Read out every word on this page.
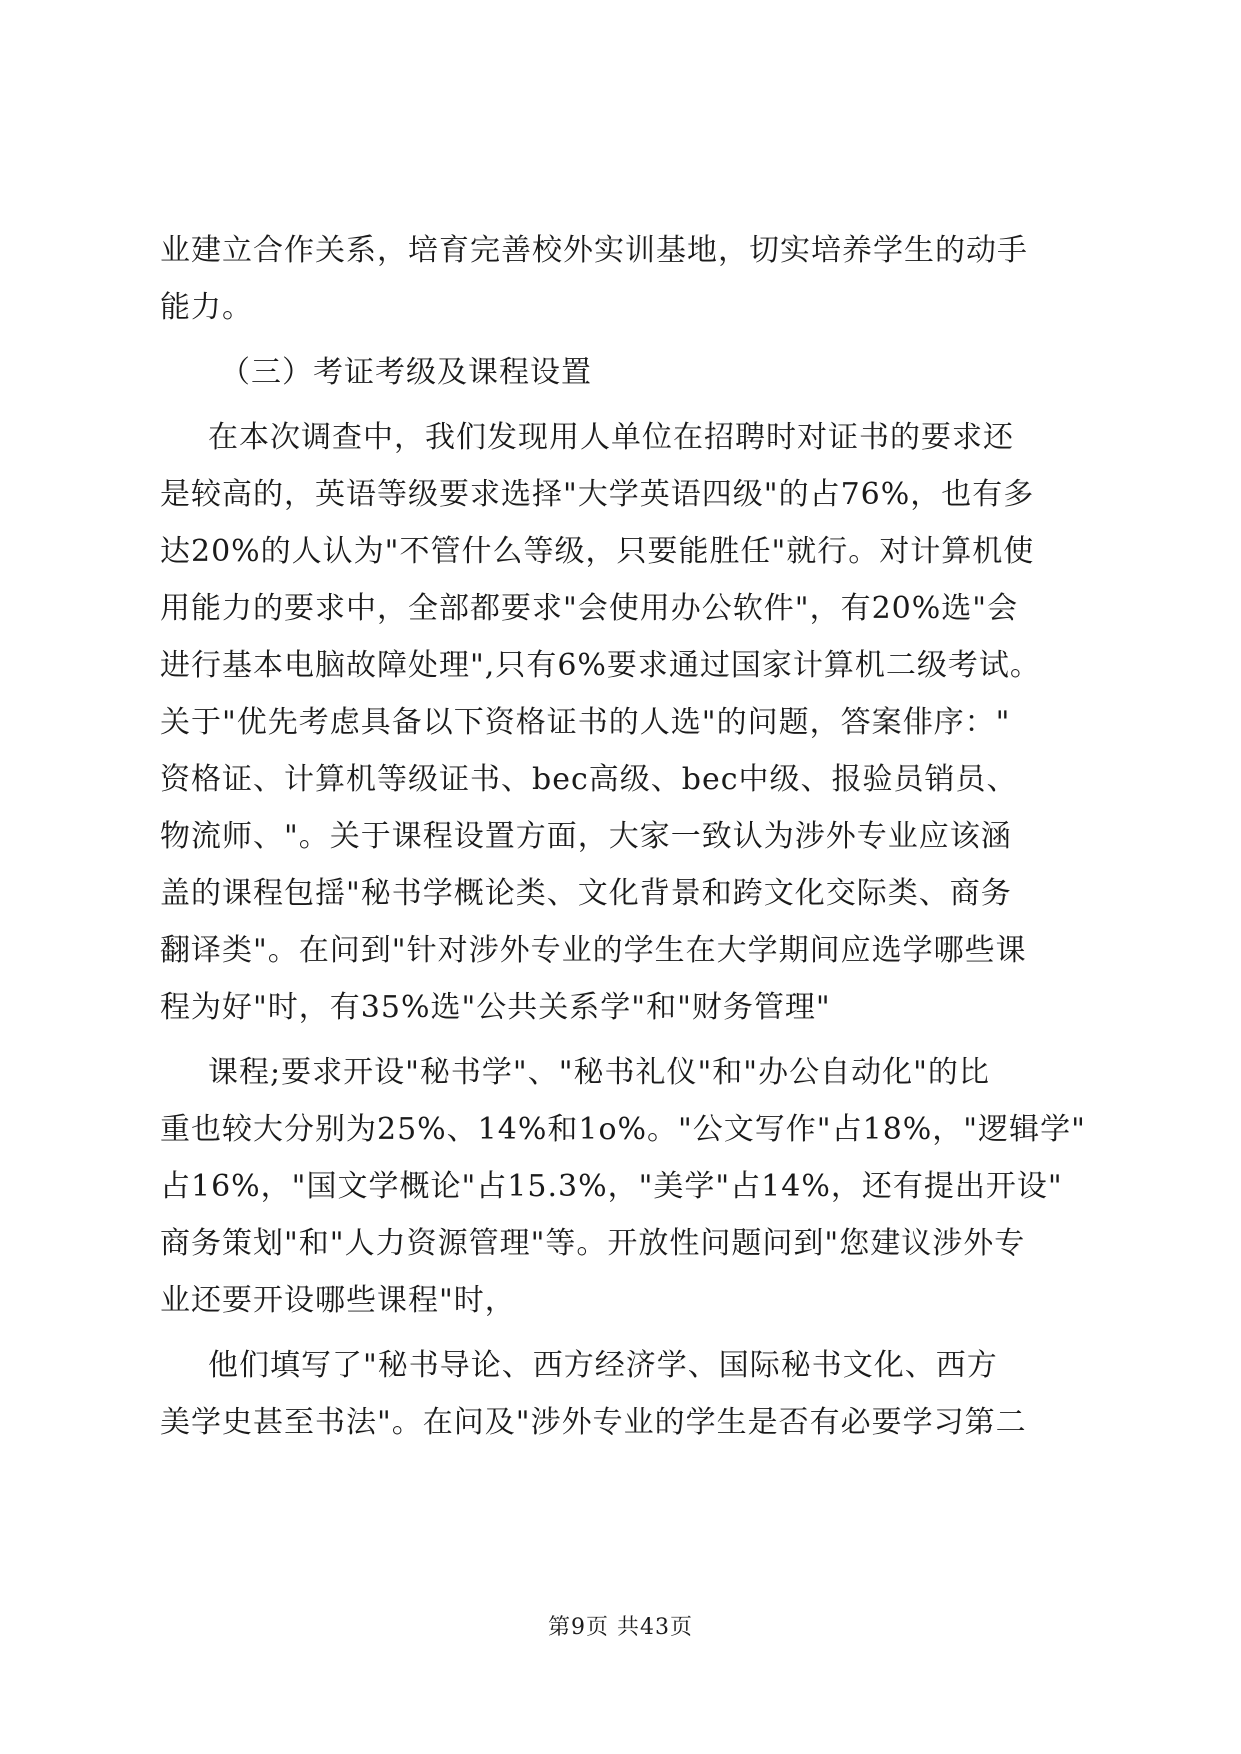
业建立合作关系，培育完善校外实训基地，切实培养学生的动手
能力。
（三）考证考级及课程设置
在本次调查中，我们发现用人单位在招聘时对证书的要求还
是较高的，英语等级要求选择"大学英语四级"的占76%，也有多
达20%的人认为"不管什么等级，只要能胜任"就行。对计算机使
用能力的要求中，全部都要求"会使用办公软件"，有20%选"会
进行基本电脑故障处理",只有6%要求通过国家计算机二级考试。
关于"优先考虑具备以下资格证书的人选"的问题，答案俳序："
资格证、计算机等级证书、bec高级、bec中级、报验员销员、
物流师、"。关于课程设置方面，大家一致认为涉外专业应该涵
盖的课程包揺"秘书学概论类、文化背景和跨文化交际类、商务
翻译类"。在问到"针对涉外专业的学生在大学期间应选学哪些课
程为好"时，有35%选"公共关系学"和"财务管理"
课程;要求开设"秘书学"、"秘书礼仪"和"办公自动化"的比
重也较大分别为25%、14%和1o%。"公文写作"占18%，"逻辑学"
占16%，"国文学概论"占15.3%，"美学"占14%，还有提出开设"
商务策划"和"人力资源管理"等。开放性问题问到"您建议涉外专
业还要开设哪些课程"时，
他们填写了"秘书导论、西方经济学、国际秘书文化、西方
美学史甚至书法"。在问及"涉外专业的学生是否有必要学习第二
第9页 共43页
